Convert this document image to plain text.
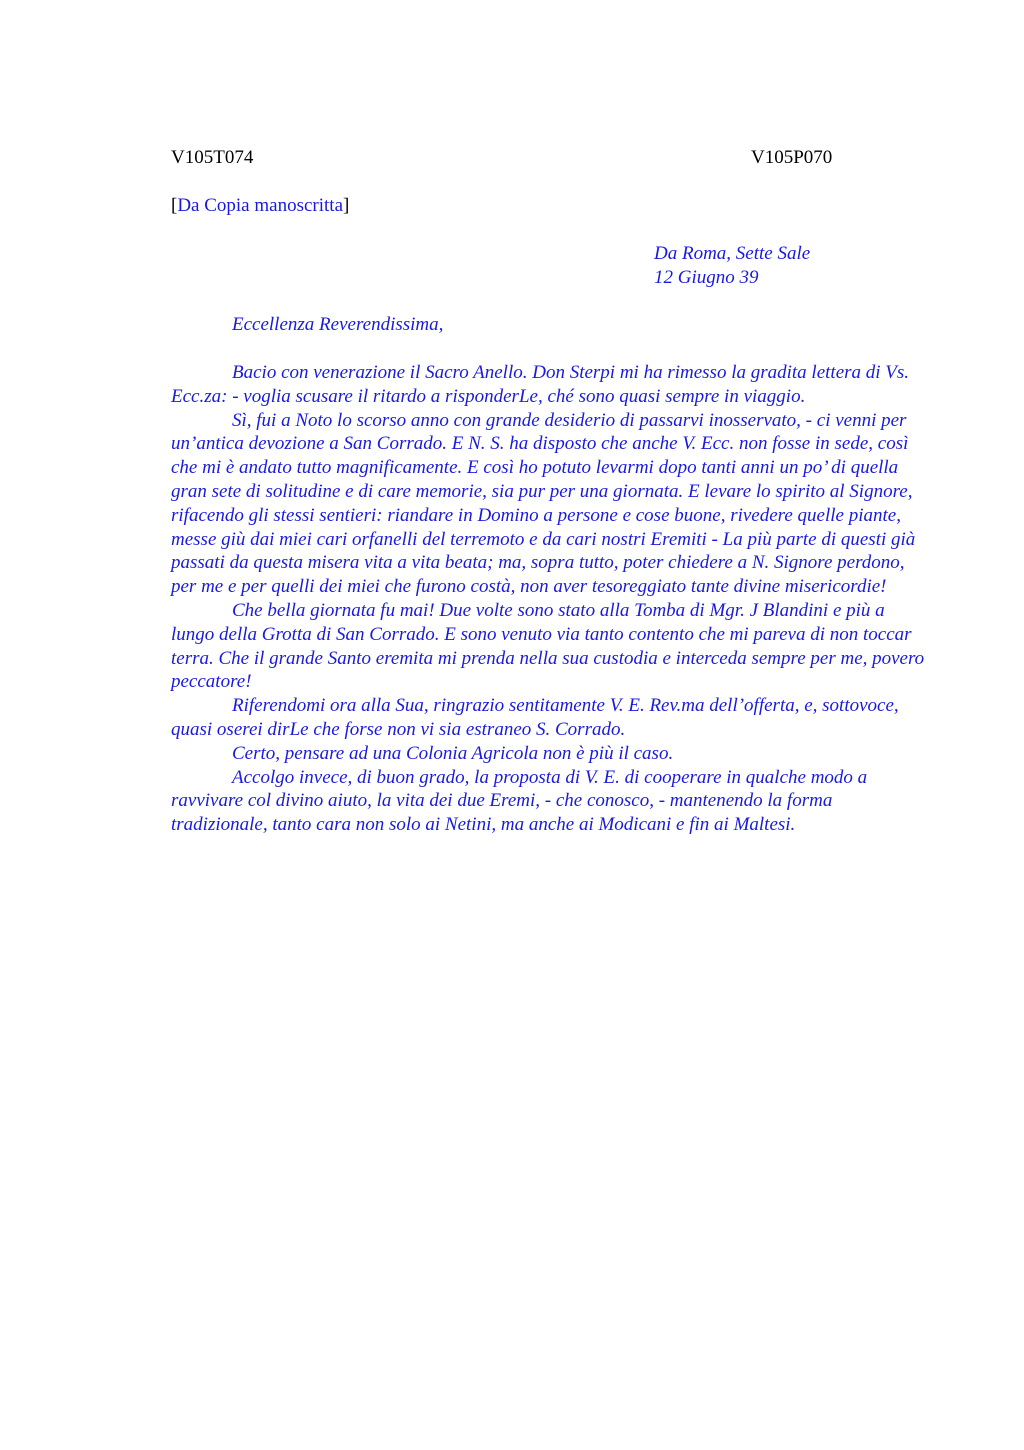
V105T074	V105P070
[Da Copia manoscritta]
Da Roma, Sette Sale
12 Giugno 39
Eccellenza Reverendissima,

Bacio con venerazione il Sacro Anello. Don Sterpi mi ha rimesso la gradita lettera di Vs. Ecc.za: - voglia scusare il ritardo a risponderLe, ché sono quasi sempre in viaggio.

Sì, fui a Noto lo scorso anno con grande desiderio di passarvi inosservato, - ci venni per un’antica devozione a San Corrado. E N. S. ha disposto che anche V. Ecc. non fosse in sede, così che mi è andato tutto magnificamente. E così ho potuto levarmi dopo tanti anni un po’ di quella gran sete di solitudine e di care memorie, sia pur per una giornata. E levare lo spirito al Signore, rifacendo gli stessi sentieri: riandare in Domino a persone e cose buone, rivedere quelle piante, messe giù dai miei cari orfanelli del terremoto e da cari nostri Eremiti - La più parte di questi già passati da questa misera vita a vita beata; ma, sopra tutto, poter chiedere a N. Signore perdono, per me e per quelli dei miei che furono costà, non aver tesoreggiato tante divine misericordie!

Che bella giornata fu mai! Due volte sono stato alla Tomba di Mgr. J Blandini e più a lungo della Grotta di San Corrado. E sono venuto via tanto contento che mi pareva di non toccar terra. Che il grande Santo eremita mi prenda nella sua custodia e interceda sempre per me, povero peccatore!

Riferendomi ora alla Sua, ringrazio sentitamente V. E. Rev.ma dell’offerta, e, sottovoce, quasi oserei dirLe che forse non vi sia estraneo S. Corrado.

Certo, pensare ad una Colonia Agricola non è più il caso.

Accolgo invece, di buon grado, la proposta di V. E. di cooperare in qualche modo a ravvivare col divino aiuto, la vita dei due Eremi, - che conosco, - mantenendo la forma tradizionale, tanto cara non solo ai Netini, ma anche ai Modicani e fin ai Maltesi.
